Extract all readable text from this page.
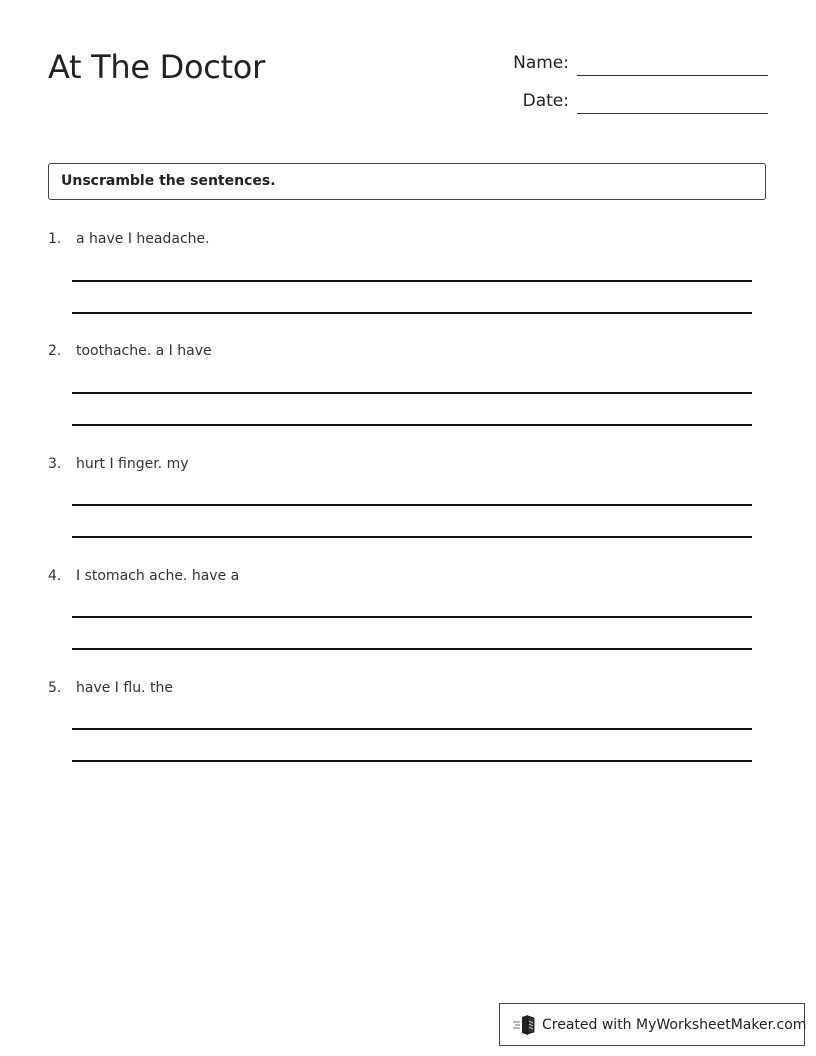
At The Doctor	Name:
Date:
Unscramble the sentences.
1. a have I headache.
2. toothache. a I have
3. hurt I finger. my
4. I stomach ache. have a
5. have I flu. the
Created with MyWorksheetMaker.com
